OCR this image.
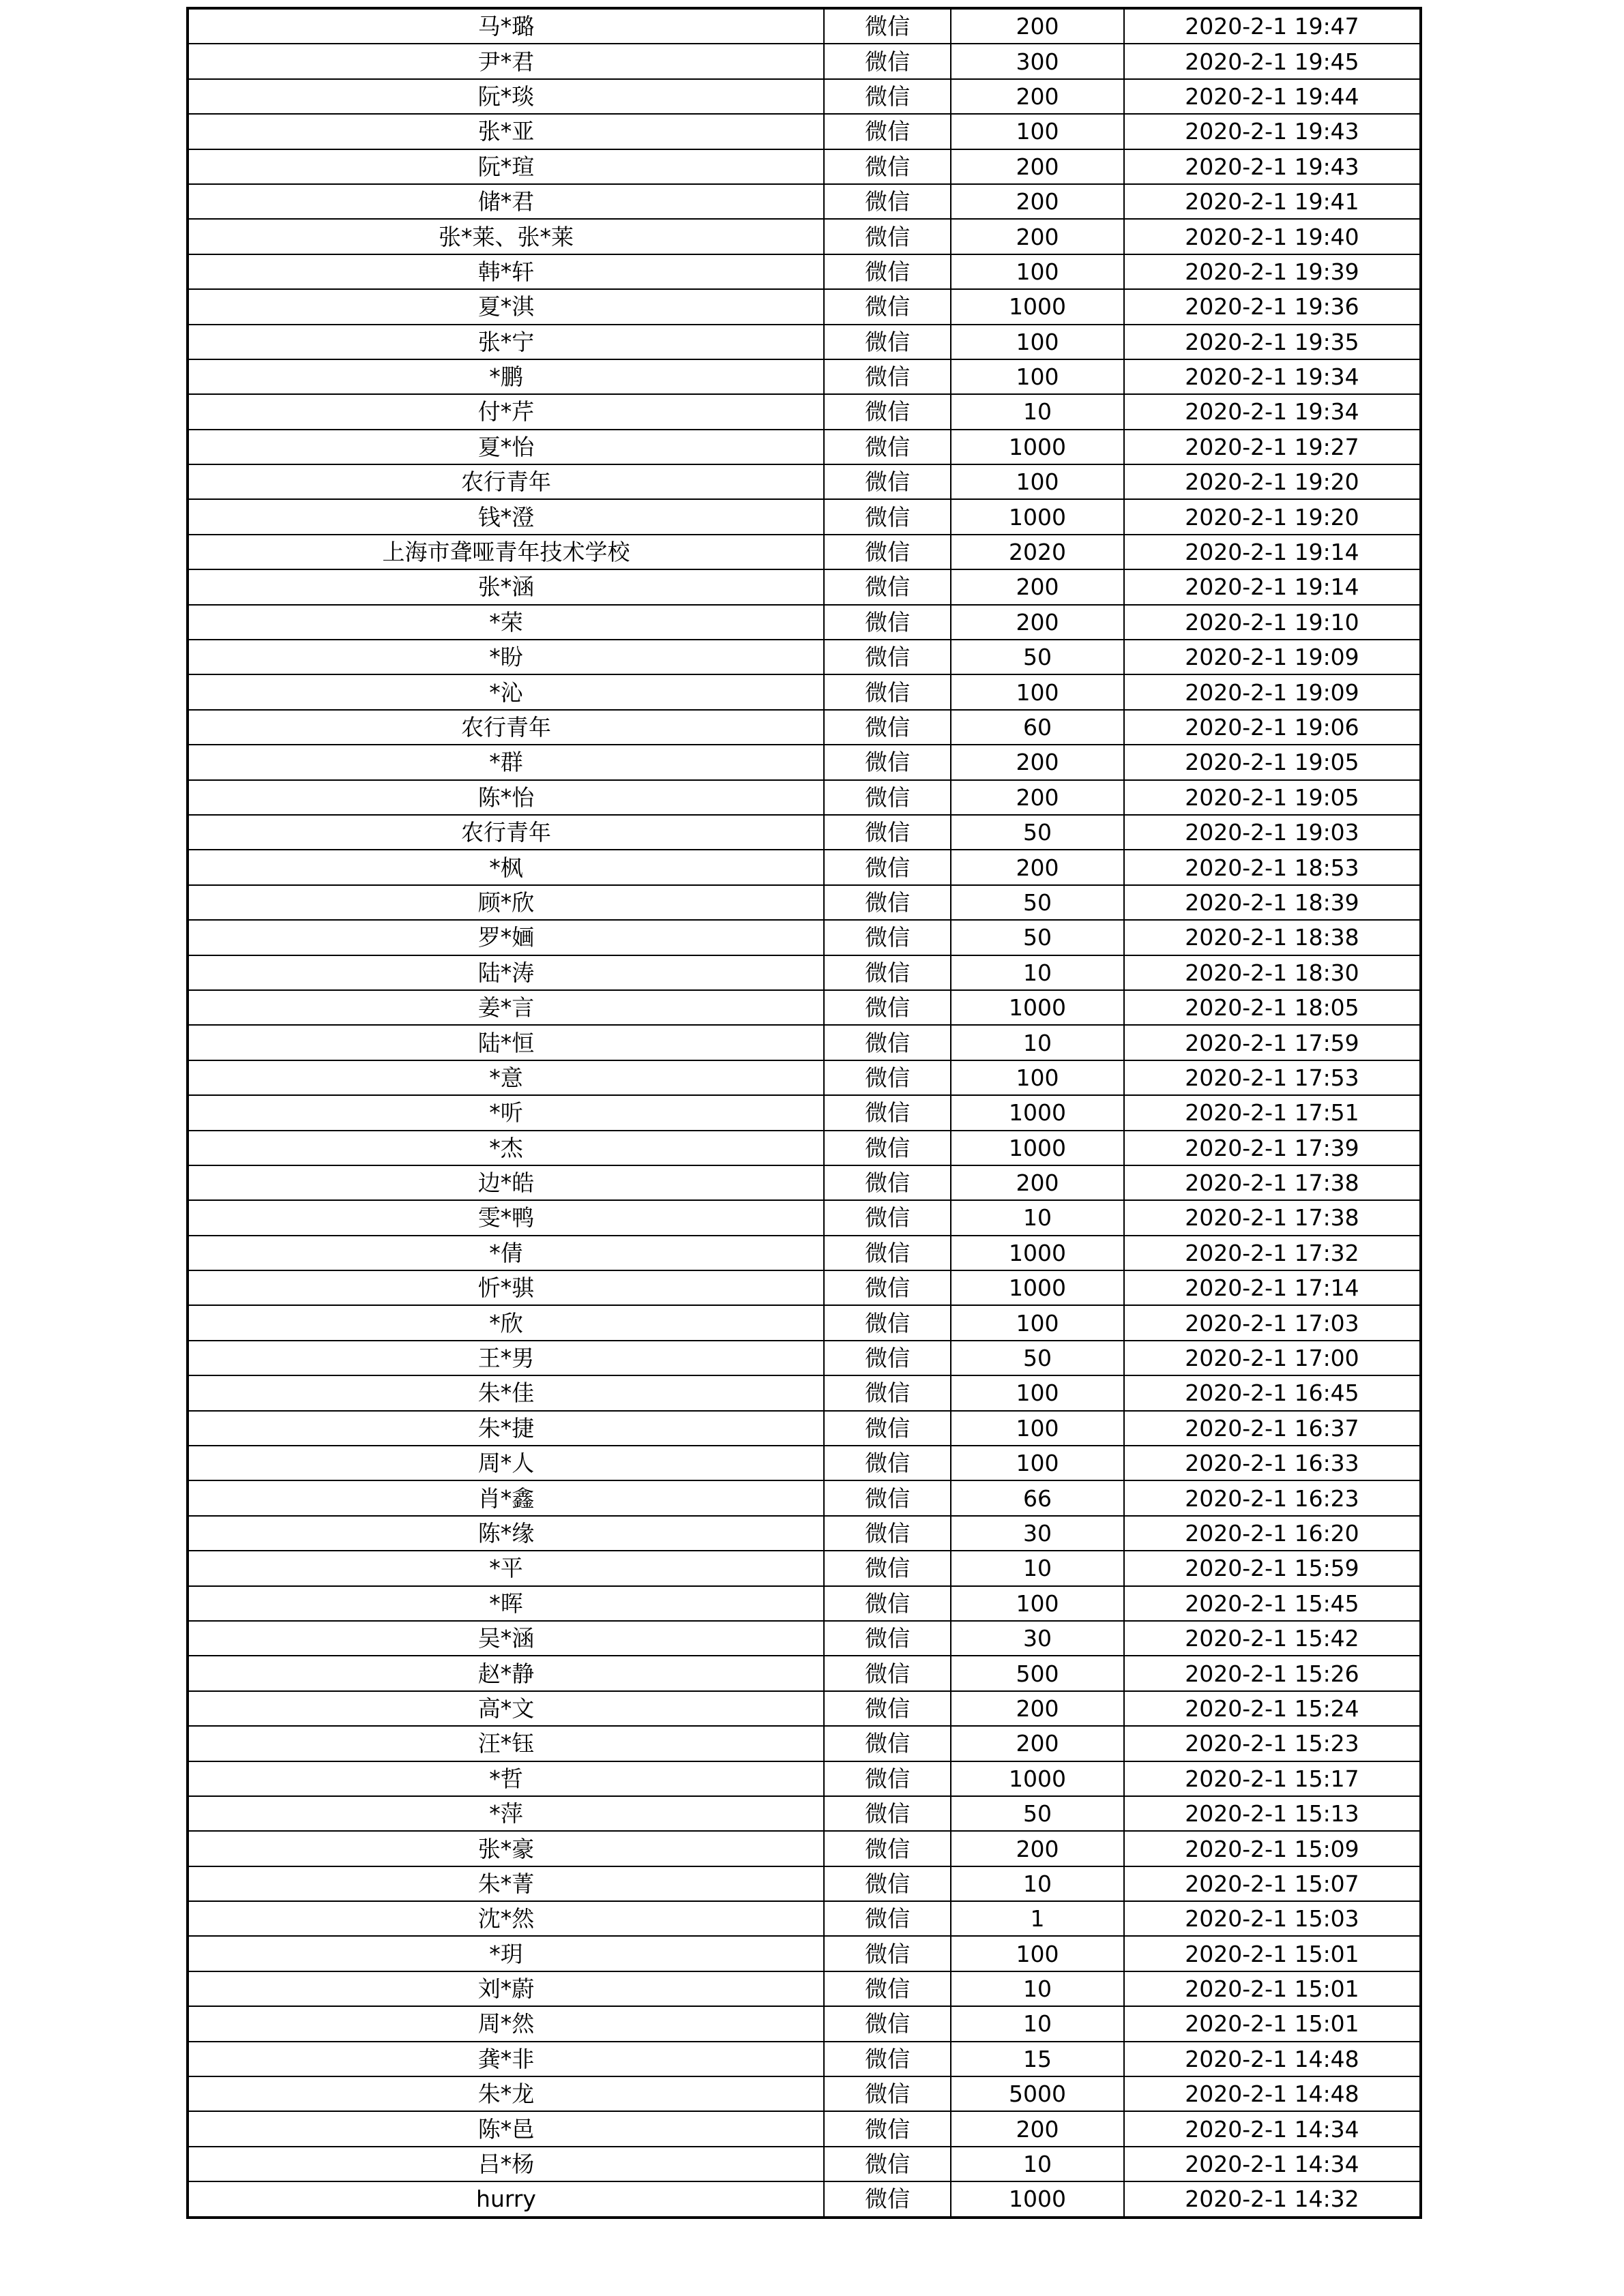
马*璐	微信	200	2020-2-1 19:47
尹*君	微信	300	2020-2-1 19:45
阮*琰	微信	200	2020-2-1 19:44
张*亚	微信	100	2020-2-1 19:43
阮*瑄	微信	200	2020-2-1 19:43
储*君	微信	200	2020-2-1 19:41
张*莱、张*莱	微信	200	2020-2-1 19:40
韩*轩	微信	100	2020-2-1 19:39
夏*淇	微信	1000	2020-2-1 19:36
张*宁	微信	100	2020-2-1 19:35
*鹏	微信	100	2020-2-1 19:34
付*芹	微信	10	2020-2-1 19:34
夏*怡	微信	1000	2020-2-1 19:27
农行青年	微信	100	2020-2-1 19:20
钱*澄	微信	1000	2020-2-1 19:20
上海市聋哑青年技术学校	微信	2020	2020-2-1 19:14
张*涵	微信	200	2020-2-1 19:14
*荣	微信	200	2020-2-1 19:10
*盼	微信	50	2020-2-1 19:09
*沁	微信	100	2020-2-1 19:09
农行青年	微信	60	2020-2-1 19:06
*群	微信	200	2020-2-1 19:05
陈*怡	微信	200	2020-2-1 19:05
农行青年	微信	50	2020-2-1 19:03
*枫	微信	200	2020-2-1 18:53
顾*欣	微信	50	2020-2-1 18:39
罗*婳	微信	50	2020-2-1 18:38
陆*涛	微信	10	2020-2-1 18:30
姜*言	微信	1000	2020-2-1 18:05
陆*恒	微信	10	2020-2-1 17:59
*意	微信	100	2020-2-1 17:53
*听	微信	1000	2020-2-1 17:51
*杰	微信	1000	2020-2-1 17:39
边*皓	微信	200	2020-2-1 17:38
雯*鸭	微信	10	2020-2-1 17:38
*倩	微信	1000	2020-2-1 17:32
忻*骐	微信	1000	2020-2-1 17:14
*欣	微信	100	2020-2-1 17:03
王*男	微信	50	2020-2-1 17:00
朱*佳	微信	100	2020-2-1 16:45
朱*捷	微信	100	2020-2-1 16:37
周*人	微信	100	2020-2-1 16:33
肖*鑫	微信	66	2020-2-1 16:23
陈*缘	微信	30	2020-2-1 16:20
*平	微信	10	2020-2-1 15:59
*晖	微信	100	2020-2-1 15:45
吴*涵	微信	30	2020-2-1 15:42
赵*静	微信	500	2020-2-1 15:26
高*文	微信	200	2020-2-1 15:24
汪*钰	微信	200	2020-2-1 15:23
*哲	微信	1000	2020-2-1 15:17
*萍	微信	50	2020-2-1 15:13
张*豪	微信	200	2020-2-1 15:09
朱*菁	微信	10	2020-2-1 15:07
沈*然	微信	1	2020-2-1 15:03
*玥	微信	100	2020-2-1 15:01
刘*蔚	微信	10	2020-2-1 15:01
周*然	微信	10	2020-2-1 15:01
龚*非	微信	15	2020-2-1 14:48
朱*龙	微信	5000	2020-2-1 14:48
陈*邑	微信	200	2020-2-1 14:34
吕*杨	微信	10	2020-2-1 14:34
hurry	微信	1000	2020-2-1 14:32
